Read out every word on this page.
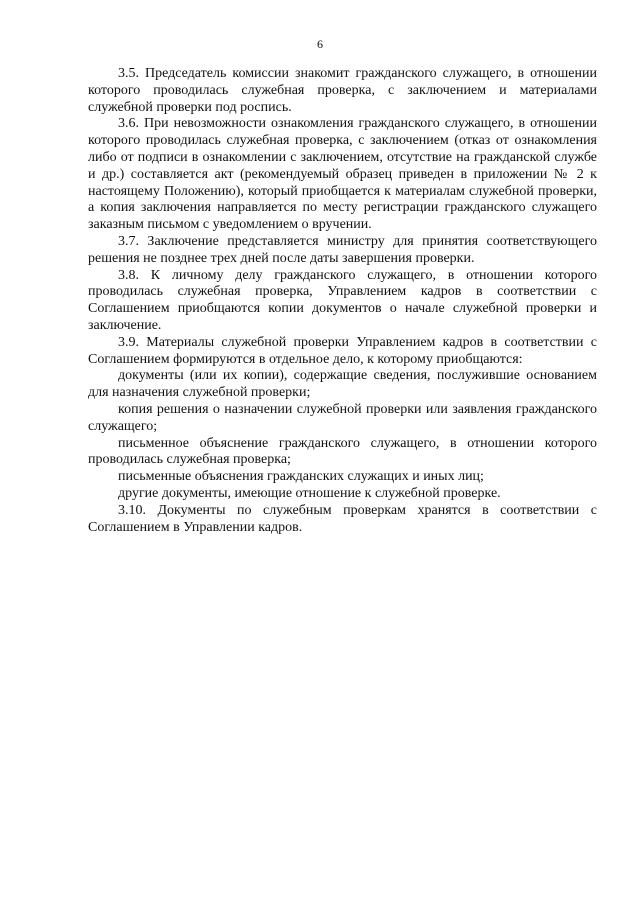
6

3.5. Председатель комиссии знакомит гражданского служащего, в отношении которого проводилась служебная проверка, с заключением и материалами служебной проверки под роспись.

3.6. При невозможности ознакомления гражданского служащего, в отношении которого проводилась служебная проверка, с заключением (отказ от ознакомления либо от подписи в ознакомлении с заключением, отсутствие на гражданской службе и др.) составляется акт (рекомендуемый образец приведен в приложении № 2 к настоящему Положению), который приобщается к материалам служебной проверки, а копия заключения направляется по месту регистрации гражданского служащего заказным письмом с уведомлением о вручении.

3.7. Заключение представляется министру для принятия соответствующего решения не позднее трех дней после даты завершения проверки.

3.8. К личному делу гражданского служащего, в отношении которого проводилась служебная проверка, Управлением кадров в соответствии с Соглашением приобщаются копии документов о начале служебной проверки и заключение.

3.9. Материалы служебной проверки Управлением кадров в соответствии с Соглашением формируются в отдельное дело, к которому приобщаются:

документы (или их копии), содержащие сведения, послужившие основанием для назначения служебной проверки;

копия решения о назначении служебной проверки или заявления гражданского служащего;

письменное объяснение гражданского служащего, в отношении которого проводилась служебная проверка;

письменные объяснения гражданских служащих и иных лиц;

другие документы, имеющие отношение к служебной проверке.

3.10. Документы по служебным проверкам хранятся в соответствии с Соглашением в Управлении кадров.
